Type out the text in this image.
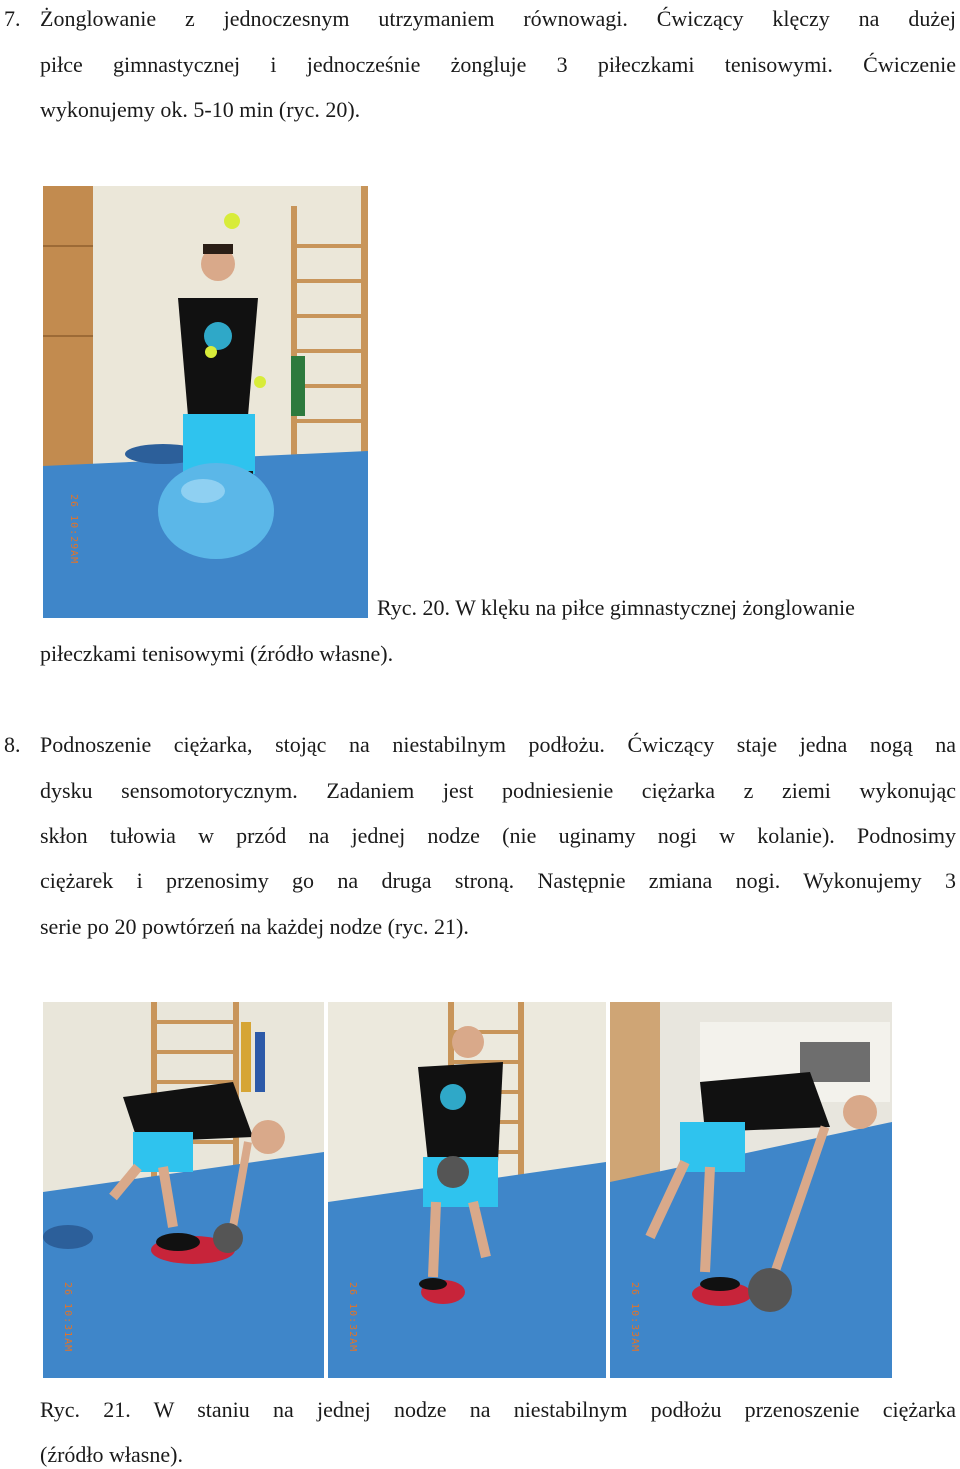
7. Żonglowanie z jednoczesnym utrzymaniem równowagi. Ćwiczący klęczy na dużej
piłce gimnastycznej i jednocześnie żongluje 3 piłeczkami tenisowymi. Ćwiczenie
wykonujemy ok. 5-10 min (ryc. 20).
26 10:29AM
Ryc. 20. W klęku na piłce gimnastycznej żonglowanie
piłeczkami tenisowymi (źródło własne).
8. Podnoszenie ciężarka, stojąc na niestabilnym podłożu. Ćwiczący staje jedna nogą na
dysku sensomotorycznym. Zadaniem jest podniesienie ciężarka z ziemi wykonując
skłon tułowia w przód na jednej nodze (nie uginamy nogi w kolanie). Podnosimy
ciężarek i przenosimy go na druga stroną. Następnie zmiana nogi. Wykonujemy 3
serie po 20 powtórzeń na każdej nodze (ryc. 21).
26 10:31AM	26 10:32AM	26 10:33AM
Ryc. 21. W staniu na jednej nodze na niestabilnym podłożu przenoszenie ciężarka
(źródło własne).
